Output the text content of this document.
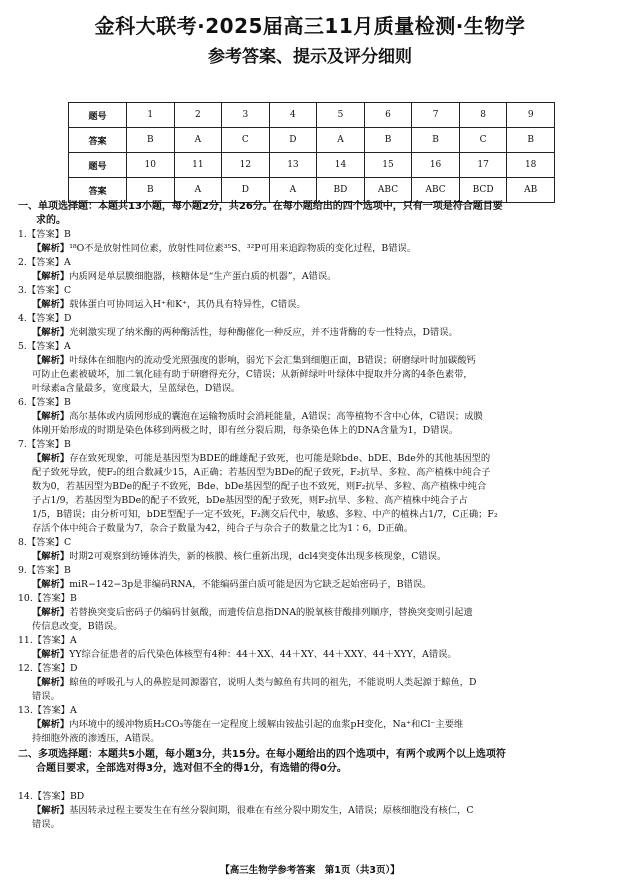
金科大联考·2025届高三11月质量检测·生物学
参考答案、提示及评分细则
题号	1	2	3	4	5	6	7	8	9
答案	B	A	C	D	A	B	B	C	B
题号	10	11	12	13	14	15	16	17	18
答案	B	A	D	A	BD	ABC	ABC	BCD	AB
一、单项选择题：本题共13小题，每小题2分，共26分。在每小题给出的四个选项中，只有一项是符合题目要
求的。
1.【答案】B
【解析】¹⁸O不是放射性同位素，放射性同位素³⁵S、³²P可用来追踪物质的变化过程，B错误。
2.【答案】A
【解析】内质网是单层膜细胞器，核糖体是“生产蛋白质的机器”，A错误。
3.【答案】C
【解析】载体蛋白可协同运入H⁺和K⁺，其仍具有特异性，C错误。
4.【答案】D
【解析】光刺激实现了纳米酶的两种酶活性，每种酶催化一种反应，并不违背酶的专一性特点，D错误。
5.【答案】A
【解析】叶绿体在细胞内的流动受光照强度的影响，弱光下会汇集到细胞正面，B错误；研磨绿叶时加碳酸钙
可防止色素被破坏，加二氧化硅有助于研磨得充分，C错误；从新鲜绿叶叶绿体中提取并分离的4条色素带，
叶绿素a含量最多，宽度最大，呈蓝绿色，D错误。
6.【答案】B
【解析】高尔基体或内质网形成的囊泡在运输物质时会消耗能量，A错误；高等植物不含中心体，C错误；成膜
体刚开始形成的时期是染色体移到两极之时，即有丝分裂后期，每条染色体上的DNA含量为1，D错误。
7.【答案】B
【解析】存在致死现象，可能是基因型为BDE的雌雄配子致死，也可能是除bde、bDE、Bde外的其他基因型的
配子致死导致，使F₂的组合数减少15，A正确；若基因型为BDe的配子致死，F₂抗旱、多粒、高产植株中纯合子
数为0，若基因型为BDe的配子不致死，Bde、bDe基因型的配子也不致死，则F₂抗旱、多粒、高产植株中纯合
子占1/9，若基因型为BDe的配子不致死，bDe基因型的配子致死，则F₂抗旱、多粒、高产植株中纯合子占
1/5，B错误；由分析可知，bDE型配子一定不致死，F₂测交后代中，敏感、多粒、中产的植株占1/7，C正确；F₂
存活个体中纯合子数量为7，杂合子数量为42，纯合子与杂合子的数量之比为1∶6，D正确。
8.【答案】C
【解析】时期2可观察到纺锤体消失，新的核膜、核仁重新出现，dcl4突变体出现多核现象，C错误。
9.【答案】B
【解析】miR−142−3p是非编码RNA，不能编码蛋白质可能是因为它缺乏起始密码子，B错误。
10.【答案】B
【解析】若替换突变后密码子仍编码甘氨酸，而遗传信息指DNA的脱氧核苷酸排列顺序，替换突变则引起遗
传信息改变，B错误。
11.【答案】A
【解析】YY综合征患者的后代染色体核型有4种：44＋XX、44＋XY、44＋XXY、44＋XYY，A错误。
12.【答案】D
【解析】鲸鱼的呼吸孔与人的鼻腔是同源器官，说明人类与鲸鱼有共同的祖先，不能说明人类起源于鲸鱼，D
错误。
13.【答案】A
【解析】内环境中的缓冲物质H₂CO₃等能在一定程度上缓解由铵盐引起的血浆pH变化，Na⁺和Cl⁻主要维
持细胞外液的渗透压，A错误。
二、多项选择题：本题共5小题，每小题3分，共15分。在每小题给出的四个选项中，有两个或两个以上选项符
合题目要求，全部选对得3分，选对但不全的得1分，有选错的得0分。
14.【答案】BD
【解析】基因转录过程主要发生在有丝分裂间期，很难在有丝分裂中期发生，A错误；原核细胞没有核仁，C
错误。
【高三生物学参考答案　第1页（共3页）】
